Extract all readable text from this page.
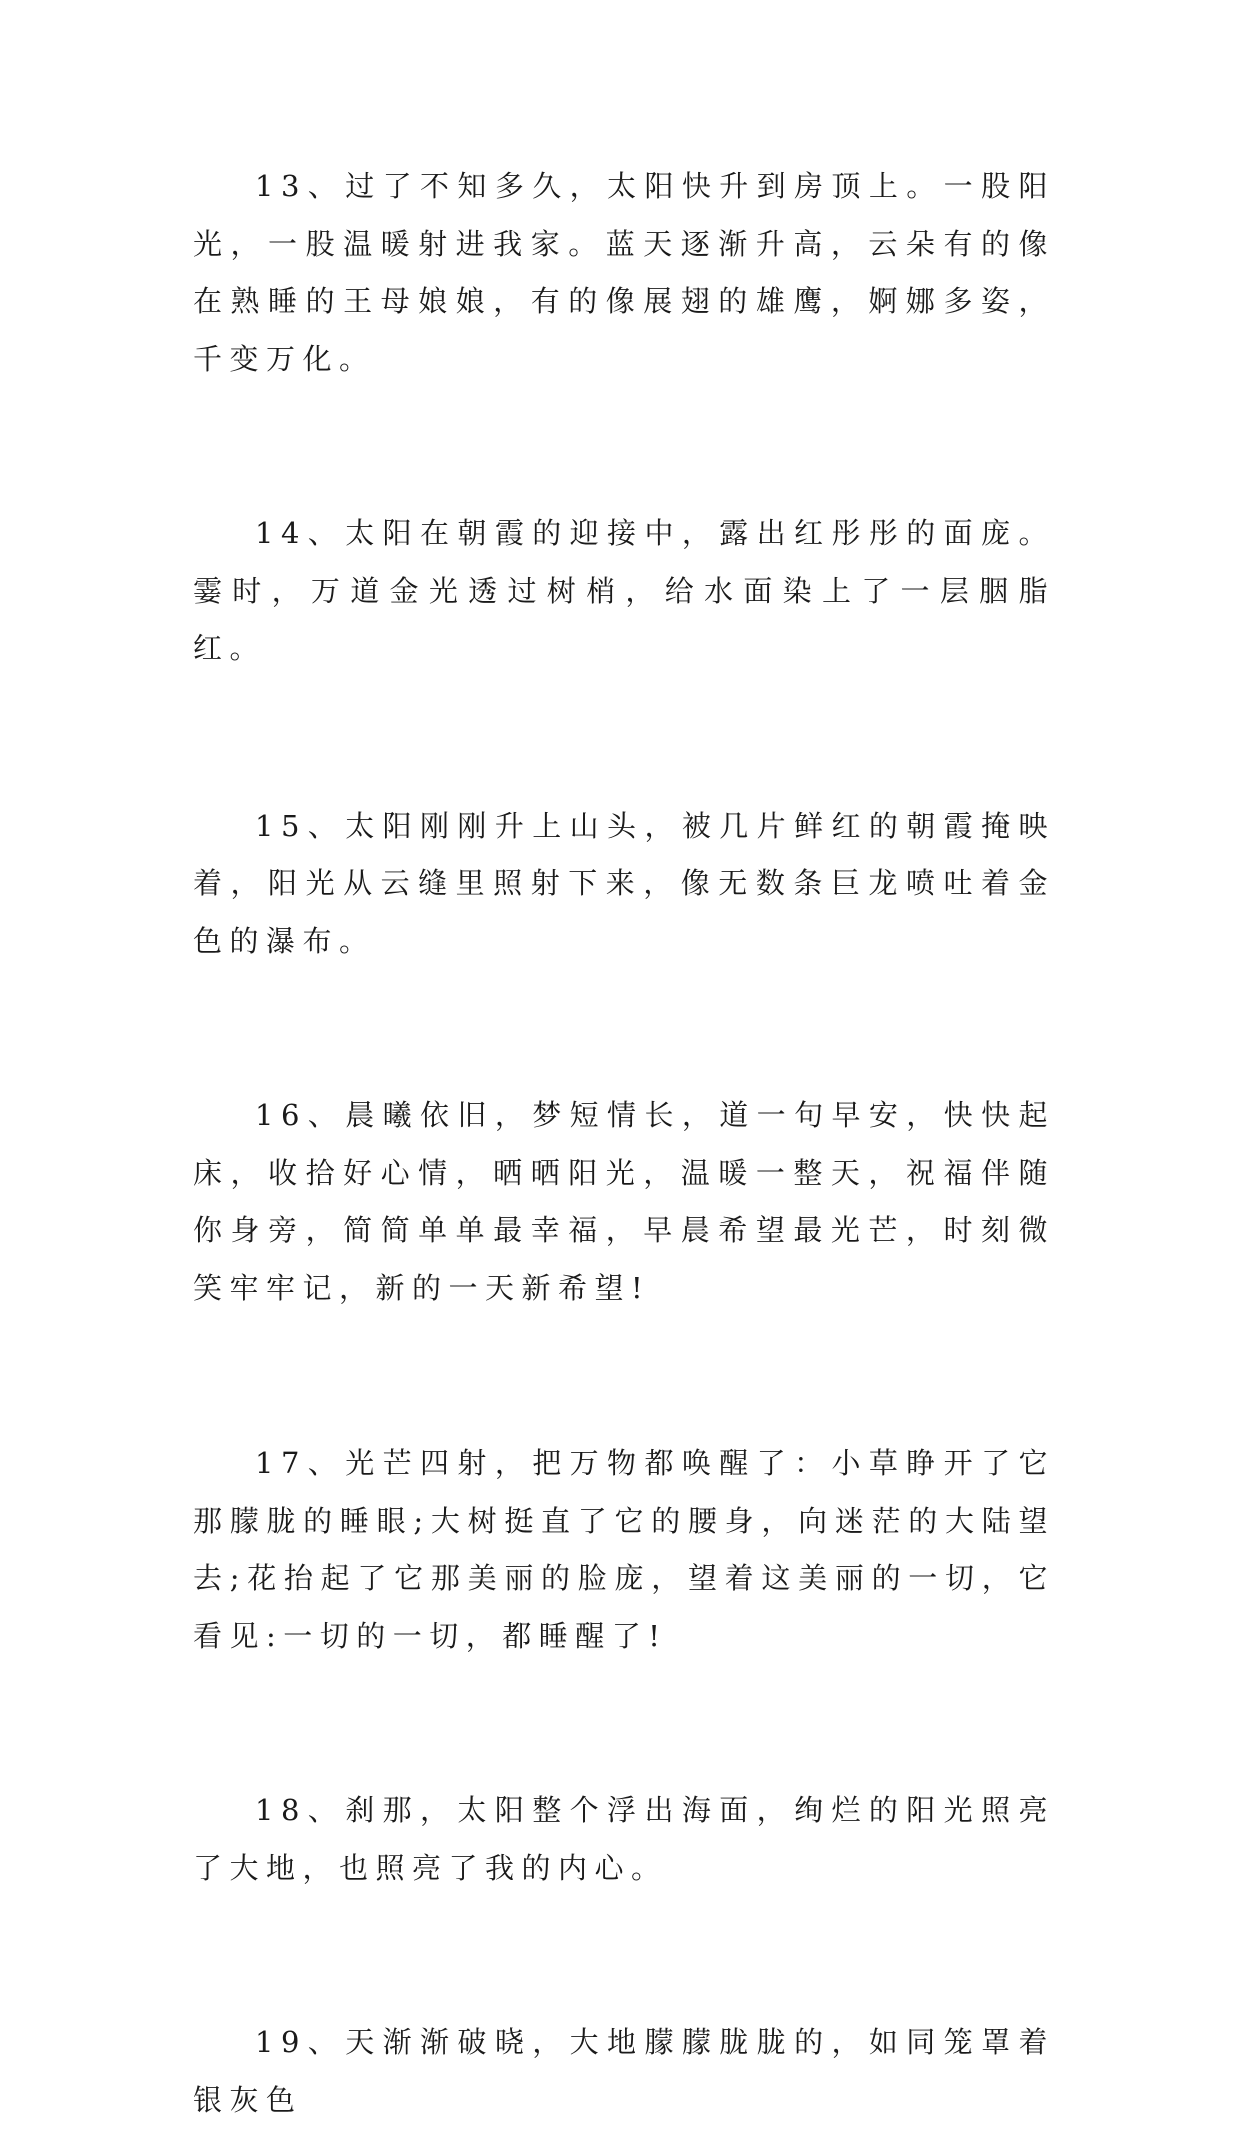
13、过了不知多久，太阳快升到房顶上。一股阳光，一股温暖射进我家。蓝天逐渐升高，云朵有的像在熟睡的王母娘娘，有的像展翅的雄鹰，婀娜多姿，千变万化。

14、太阳在朝霞的迎接中，露出红彤彤的面庞。霎时，万道金光透过树梢，给水面染上了一层胭脂红。

15、太阳刚刚升上山头，被几片鲜红的朝霞掩映着，阳光从云缝里照射下来，像无数条巨龙喷吐着金色的瀑布。

16、晨曦依旧，梦短情长，道一句早安，快快起床，收拾好心情，晒晒阳光，温暖一整天，祝福伴随你身旁，简简单单最幸福，早晨希望最光芒，时刻微笑牢牢记，新的一天新希望!

17、光芒四射，把万物都唤醒了：小草睁开了它那朦胧的睡眼;大树挺直了它的腰身，向迷茫的大陆望去;花抬起了它那美丽的脸庞，望着这美丽的一切，它看见:一切的一切，都睡醒了!

18、刹那，太阳整个浮出海面，绚烂的阳光照亮了大地，也照亮了我的内心。

19、天渐渐破晓，大地朦朦胧胧的，如同笼罩着银灰色
